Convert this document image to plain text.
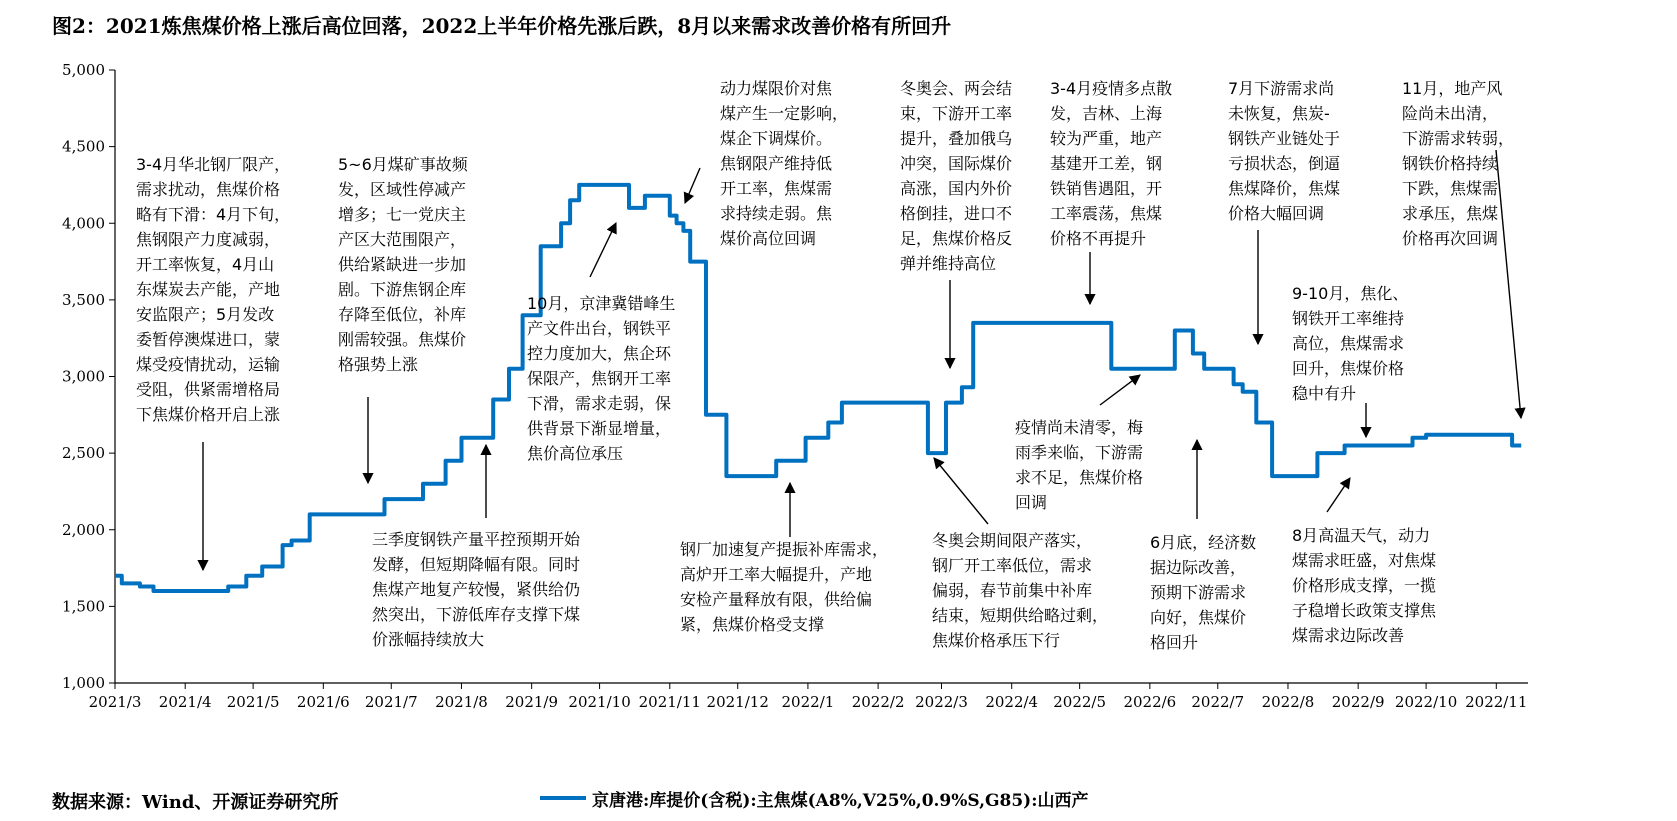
图2：2021炼焦煤价格上涨后高位回落，2022上半年价格先涨后跌，8月以来需求改善价格有所回升
1,000
1,500
2,000
2,500
3,000
3,500
4,000
4,500
5,000
2021/3 2021/4 2021/5 2021/6 2021/7 2021/8 2021/9 2021/10 2021/11 2021/12 2022/1 2022/2 2022/3 2022/4 2022/5 2022/6 2022/7 2022/8 2022/9 2022/10 2022/11
3-4月华北钢厂限产，
需求扰动，焦煤价格
略有下滑：4月下旬，
焦钢限产力度减弱，
开工率恢复，4月山
东煤炭去产能，产地
安监限产；5月发改
委暂停澳煤进口，蒙
煤受疫情扰动，运输
受阻，供紧需增格局
下焦煤价格开启上涨
5~6月煤矿事故频
发，区域性停减产
增多；七一党庆主
产区大范围限产，
供给紧缺进一步加
剧。下游焦钢企库
存降至低位，补库
刚需较强。焦煤价
格强势上涨
三季度钢铁产量平控预期开始
发酵，但短期降幅有限。同时
焦煤产地复产较慢，紧供给仍
然突出，下游低库存支撑下煤
价涨幅持续放大
10月，京津冀错峰生
产文件出台，钢铁平
控力度加大，焦企环
保限产，焦钢开工率
下滑，需求走弱，保
供背景下渐显增量，
焦价高位承压
动力煤限价对焦
煤产生一定影响，
煤企下调煤价。
焦钢限产维持低
开工率，焦煤需
求持续走弱。焦
煤价高位回调
钢厂加速复产提振补库需求，
高炉开工率大幅提升，产地
安检产量释放有限，供给偏
紧，焦煤价格受支撑
冬奥会、两会结
束，下游开工率
提升，叠加俄乌
冲突，国际煤价
高涨，国内外价
格倒挂，进口不
足，焦煤价格反
弹并维持高位
冬奥会期间限产落实，
钢厂开工率低位，需求
偏弱，春节前集中补库
结束，短期供给略过剩，
焦煤价格承压下行
3-4月疫情多点散
发，吉林、上海
较为严重，地产
基建开工差，钢
铁销售遇阻，开
工率震荡，焦煤
价格不再提升
疫情尚未清零，梅
雨季来临，下游需
求不足，焦煤价格
回调
6月底，经济数
据边际改善，
预期下游需求
向好，焦煤价
格回升
7月下游需求尚
未恢复，焦炭-
钢铁产业链处于
亏损状态，倒逼
焦煤降价，焦煤
价格大幅回调
9-10月，焦化、
钢铁开工率维持
高位，焦煤需求
回升，焦煤价格
稳中有升
8月高温天气，动力
煤需求旺盛，对焦煤
价格形成支撑，一揽
子稳增长政策支撑焦
煤需求边际改善
11月，地产风
险尚未出清，
下游需求转弱，
钢铁价格持续
下跌，焦煤需
求承压，焦煤
价格再次回调
京唐港:库提价(含税):主焦煤(A8%,V25%,0.9%S,G85):山西产
数据来源：Wind、开源证券研究所
